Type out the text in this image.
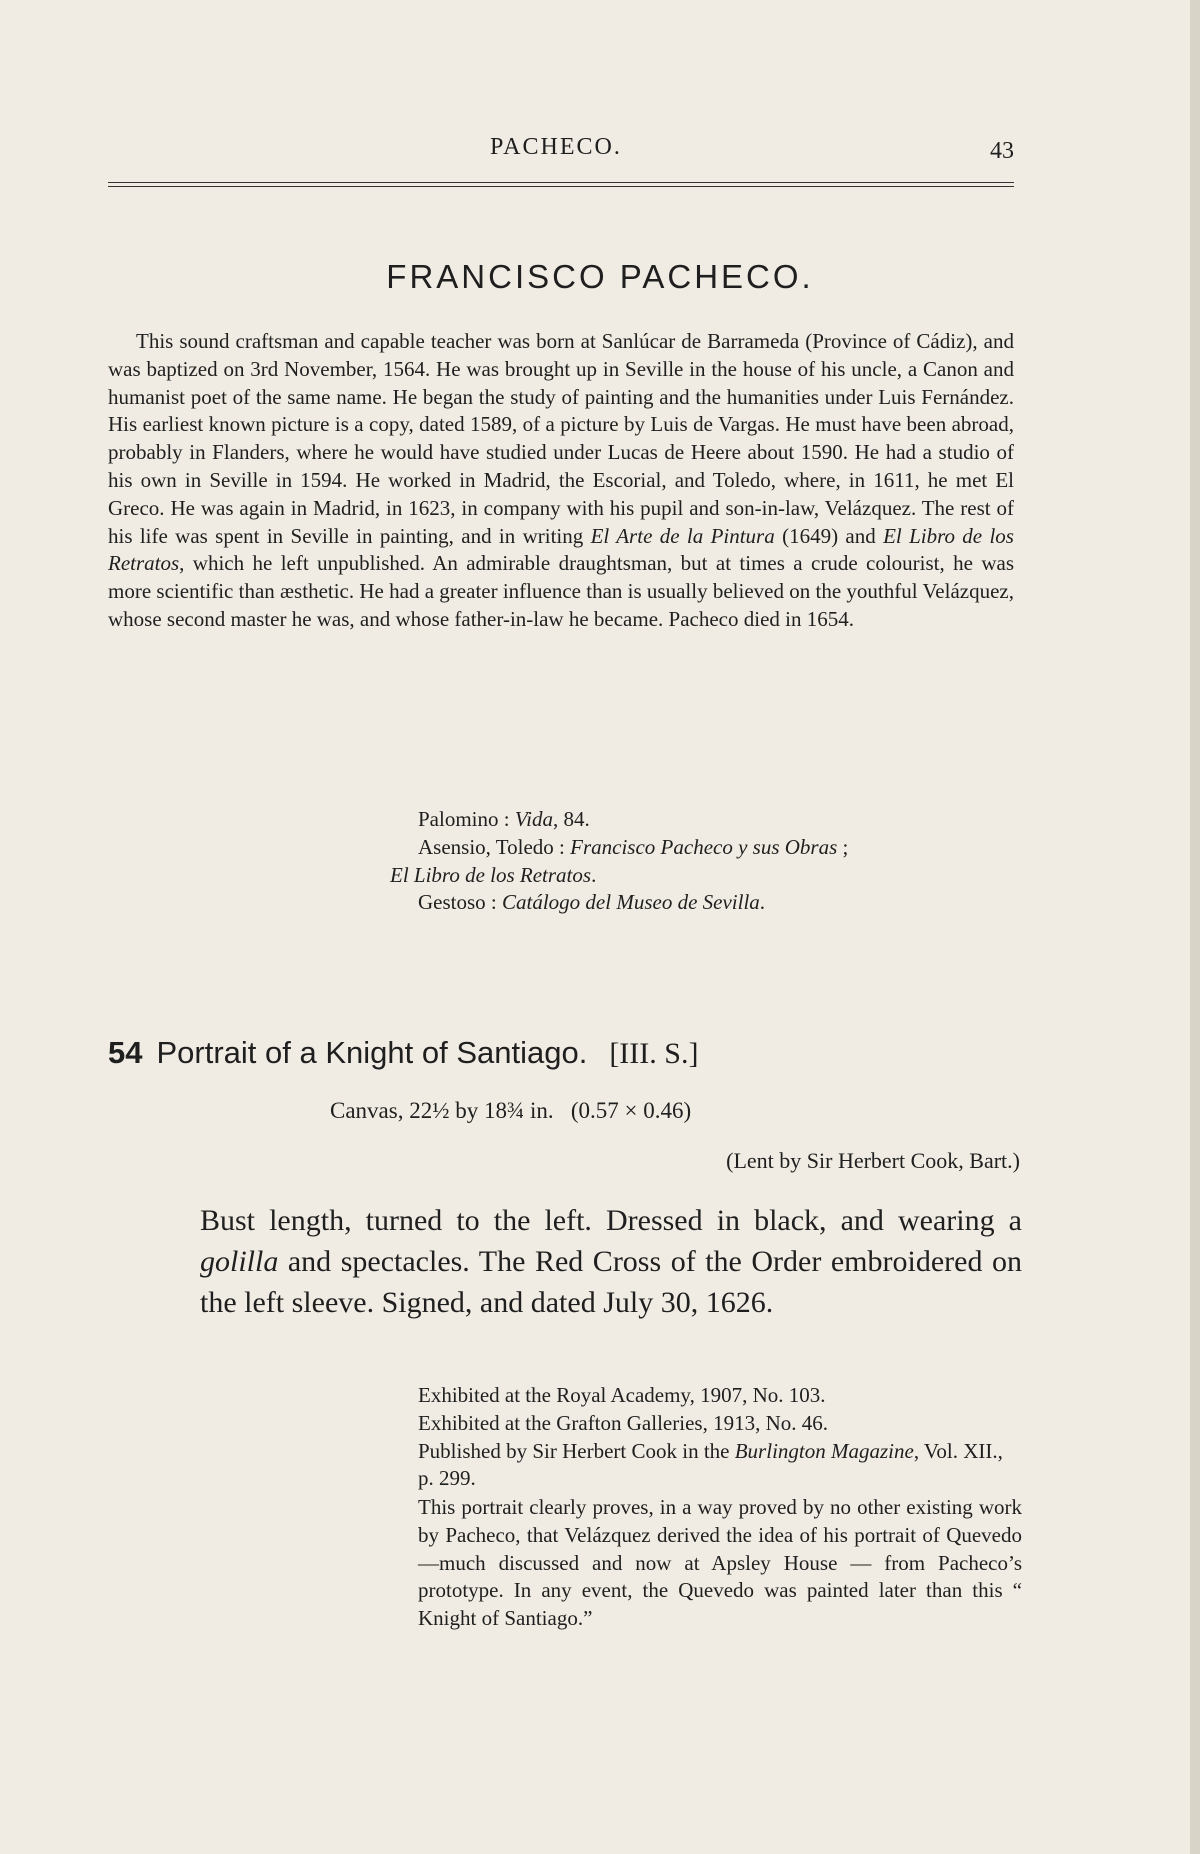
PACHECO.	43
FRANCISCO PACHECO.

This sound craftsman and capable teacher was born at Sanlúcar de Barrameda (Province of Cádiz), and was baptized on 3rd November, 1564. He was brought up in Seville in the house of his uncle, a Canon and humanist poet of the same name. He began the study of painting and the humanities under Luis Fernández. His earliest known picture is a copy, dated 1589, of a picture by Luis de Vargas. He must have been abroad, probably in Flanders, where he would have studied under Lucas de Heere about 1590. He had a studio of his own in Seville in 1594. He worked in Madrid, the Escorial, and Toledo, where, in 1611, he met El Greco. He was again in Madrid, in 1623, in company with his pupil and son-in-law, Velázquez. The rest of his life was spent in Seville in painting, and in writing El Arte de la Pintura (1649) and El Libro de los Retratos, which he left unpublished. An admirable draughtsman, but at times a crude colourist, he was more scientific than æsthetic. He had a greater influence than is usually believed on the youthful Velázquez, whose second master he was, and whose father-in-law he became. Pacheco died in 1654.

Palomino : Vida, 84.
Asensio, Toledo : Francisco Pacheco y sus Obras ;
El Libro de los Retratos.
Gestoso : Catálogo del Museo de Sevilla.
54 Portrait of a Knight of Santiago. [III. S.]
Canvas, 22½ by 18¾ in.   (0.57 × 0.46)
(Lent by Sir Herbert Cook, Bart.)
Bust length, turned to the left. Dressed in black, and wearing a golilla and spectacles. The Red Cross of the Order embroidered on the left sleeve. Signed, and dated July 30, 1626.
Exhibited at the Royal Academy, 1907, No. 103.
Exhibited at the Grafton Galleries, 1913, No. 46.
Published by Sir Herbert Cook in the Burlington Magazine, Vol. XII., p. 299.
This portrait clearly proves, in a way proved by no other existing work by Pacheco, that Velázquez derived the idea of his portrait of Quevedo—much discussed and now at Apsley House — from Pacheco’s prototype. In any event, the Quevedo was painted later than this “ Knight of Santiago.”
